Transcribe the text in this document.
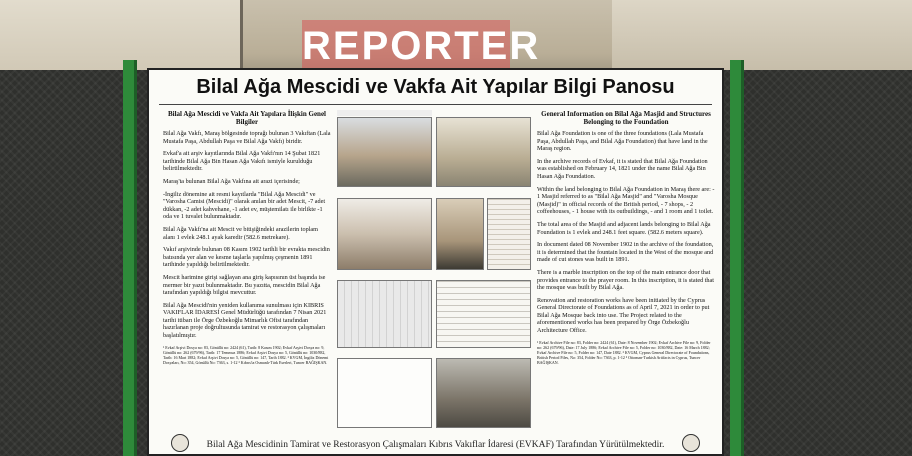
REPORTER
Bilal Ağa Mescidi ve Vakfa Ait Yapılar Bilgi Panosu
Bilal Ağa Mescidi ve Vakfa Ait Yapılara İlişkin Genel Bilgiler

Bilal Ağa Vakfı, Maraş bölgesinde toprağı bulunan 3 Vakıftan (Lala Mustafa Paşa, Abdullah Paşa ve Bilal Ağa Vakfı) biridir.

Evkaf'a ait arşiv kayıtlarında Bilal Ağa Vakfı'nın 14 Şubat 1821 tarihinde Bilal Ağa Bin Hasan Ağa Vakıfı ismiyle kurulduğu belirtilmektedir.

Maraş'ta bulunan Bilal Ağa Vakfına ait arazi içerisinde;

-İngiliz dönemine ait resmi kayıtlarda "Bilal Ağa Mescidi" ve "Varosha Camisi (Mescidi)" olarak anılan bir adet Mescit, -7 adet dükkan, -2 adet kahvehane, -1 adet ev, müştemilatı ile birlikte -1 oda ve 1 tuvalet bulunmaktadır.

Bilal Ağa Vakfı'na ait Mescit ve bitişiğindeki arazilerin toplam alanı 1 evlek 248.1 ayak karedir (582.6 metrekare).

Vakıf arşivinde bulunan 08 Kasım 1902 tarihli bir evrakta mescidin batısında yer alan ve kesme taşlarla yapılmış çeşmenin 1891 tarihinde yapıldığı belirtilmektedir.

Mescit harimine girişi sağlayan ana giriş kapısının üst başında ise mermer bir yazıt bulunmaktadır. Bu yazıtta, mescidin Bilal Ağa tarafından yapıldığı bilgisi mevcuttur.

Bilal Ağa Mescidi'nin yeniden kullanıma sunulması için KIBRIS VAKIFLAR İDARESİ Genel Müdürlüğü tarafından 7 Nisan 2021 tarihi itibarı ile Örge Özbekoğlu Mimarlık Ofisi tarafından hazırlanan proje doğrultusunda tamirat ve restorasyon çalışmaları başlatılmıştır.

¹ Evkaf Arşivi Dosya no: 83, Gönüllü no: 2424 (61), Tarih: 8 Kasım 1902; Evkaf Arşivi Dosya no: 9, Gönüllü no: 262 (679/96), Tarih: 17 Temmuz 1886; Evkaf Arşivi Dosya no: 5, Gönüllü no: 1030/882, Tarih: 16 Mart 1882; Evkaf Arşivi Dosya no: 5, Gönüllü no: 147, Tarih 1882. ² KVGM, İngiliz Dönemi Dosyaları, No: 354, Gönüllü No: 7363, s. 1-12 ³ Kıbrıs'ta Osmanlı-Türk Eserleri, Tuncer BAĞIŞKAN.

General Information on Bilal Ağa Masjid and Structures Belonging to the Foundation

Bilal Ağa Foundation is one of the three foundations (Lala Mustafa Paşa, Abdullah Paşa, and Bilal Ağa Foundation) that have land in the Maraş region.

In the archive records of Evkaf, it is stated that Bilal Ağa Foundation was established on February 14, 1821 under the name Bilal Ağa Bin Hasan Ağa Foundation.

Within the land belonging to Bilal Ağa Foundation in Maraş there are: - 1 Masjid referred to as "Bilal Ağa Masjid" and "Varosha Mosque (Masjid)" in official records of the British period, - 7 shops, - 2 coffeehouses, - 1 house with its outbuildings, - and 1 room and 1 toilet.

The total area of the Masjid and adjacent lands belonging to Bilal Ağa Foundation is 1 evlek and 248.1 feet square. (582.6 meters square).

In document dated 08 November 1902 in the archive of the foundation, it is determined that the fountain located in the West of the mosque and made of cut stones was built in 1891.

There is a marble inscription on the top of the main entrance door that provides entrance to the prayer room. In this inscription, it is stated that the mosque was built by Bilal Ağa.

Renovation and restoration works have been initiated by the Cyprus General Directorate of Foundations as of April 7, 2021 in order to put Bilal Ağa Mosque back into use. The Project related to the aforementioned works has been prepared by Örge Özbekoğlu Architecture Office.

¹ Evkaf Archive File no: 83, Folder no: 2424 (61), Date: 8 November 1902; Evkaf Archive File no: 9, Folder no: 262 (679/96), Date: 17 July 1886; Evkaf Archive File no: 5, Folder no: 1030/882, Date: 16 March 1882; Evkaf Archive File no: 5, Folder no: 147, Date 1882. ² KVGM, Cyprus General Directorate of Foundations, British Period Files, No: 354, Folder No: 7363, p. 1-12 ³ Ottoman-Turkish Artifacts in Cyprus, Tuncer BAĞIŞKAN.

Bilal Ağa Mescidinin Tamirat ve Restorasyon Çalışmaları Kıbrıs Vakıflar İdaresi (EVKAF) Tarafından Yürütülmektedir.
